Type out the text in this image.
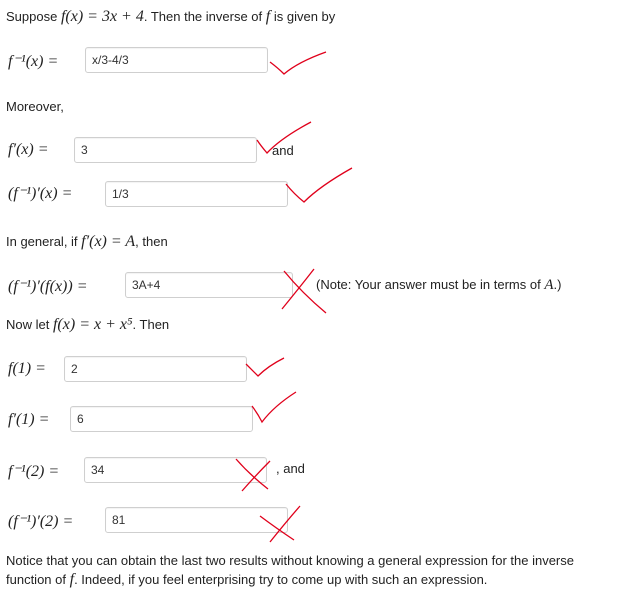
Suppose f(x) = 3x + 4. Then the inverse of f is given by
f⁻¹(x) =	x/3-4/3
Moreover,
f′(x) =	3	and
(f⁻¹)′(x) =	1/3
In general, if f′(x) = A, then
(f⁻¹)′(f(x)) =	3A+4	(Note: Your answer must be in terms of A.)
Now let f(x) = x + x⁵. Then
f(1) =	2
f′(1) =	6
f⁻¹(2) =	34	, and
(f⁻¹)′(2) =	81
Notice that you can obtain the last two results without knowing a general expression for the inverse
function of f. Indeed, if you feel enterprising try to come up with such an expression.
